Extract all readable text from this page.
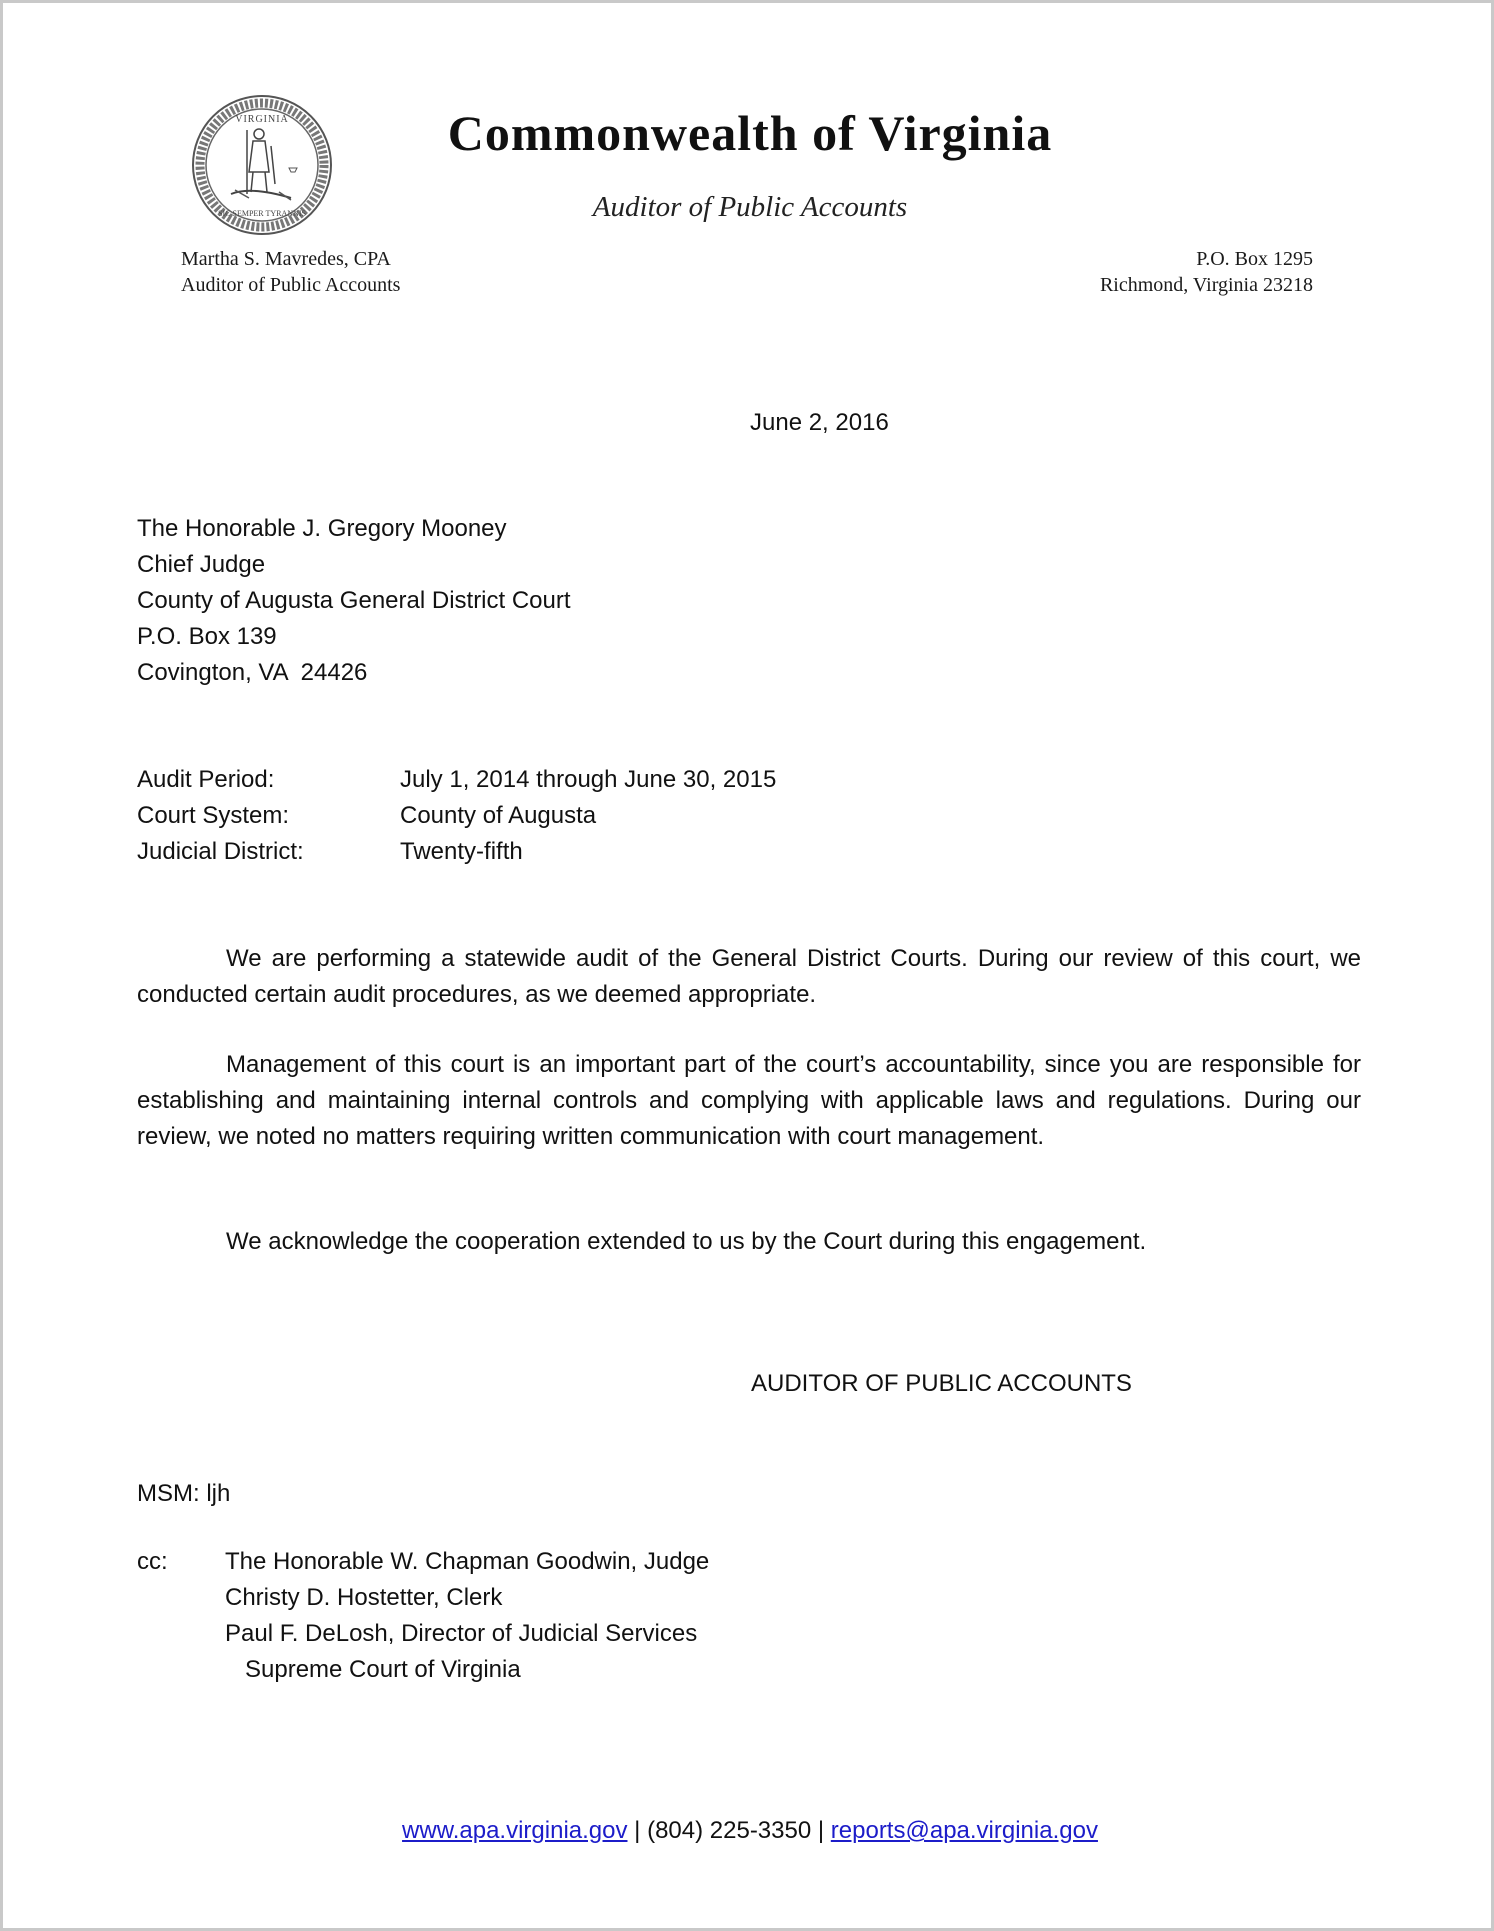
VIRGINIA
SIC SEMPER TYRANNIS
Commonwealth of Virginia
Auditor of Public Accounts
Martha S. Mavredes, CPA
Auditor of Public Accounts
P.O. Box 1295
Richmond, Virginia 23218
June 2, 2016
The Honorable J. Gregory Mooney
Chief Judge
County of Augusta General District Court
P.O. Box 139
Covington, VA  24426
Audit Period:	July 1, 2014 through June 30, 2015
Court System:	County of Augusta
Judicial District:	Twenty-fifth

We are performing a statewide audit of the General District Courts. During our review of this court, we conducted certain audit procedures, as we deemed appropriate.

Management of this court is an important part of the court’s accountability, since you are responsible for establishing and maintaining internal controls and complying with applicable laws and regulations. During our review, we noted no matters requiring written communication with court management.

We acknowledge the cooperation extended to us by the Court during this engagement.

AUDITOR OF PUBLIC ACCOUNTS
MSM: ljh
cc:	The Honorable W. Chapman Goodwin, Judge
Christy D. Hostetter, Clerk
Paul F. DeLosh, Director of Judicial Services
Supreme Court of Virginia
www.apa.virginia.gov | (804) 225-3350 | reports@apa.virginia.gov
